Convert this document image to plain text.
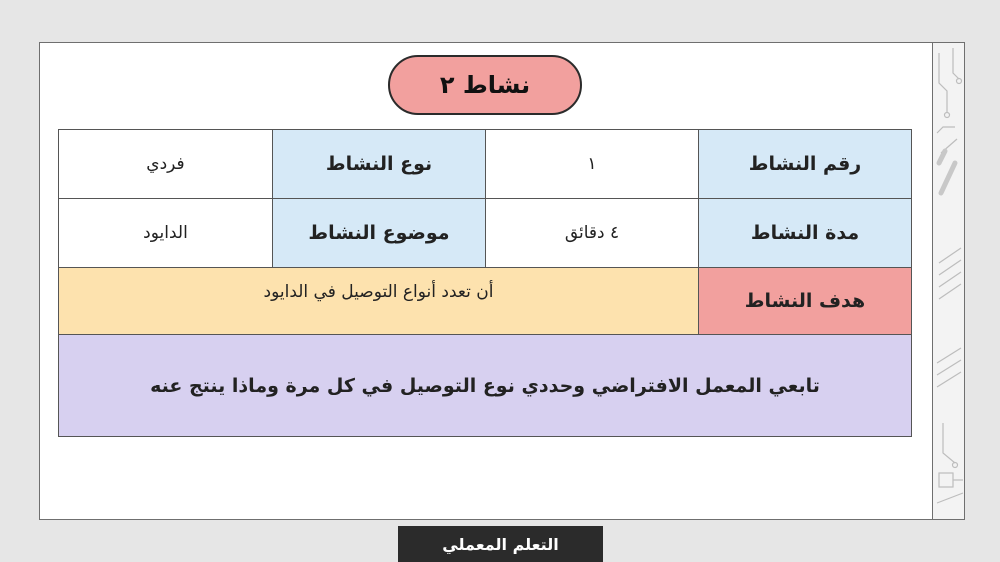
نشاط ٢
رقم النشاط	١	نوع النشاط	فردي
مدة النشاط	٤ دقائق	موضوع النشاط	الدايود
هدف النشاط	أن تعدد أنواع التوصيل في الدايود		
تابعي المعمل الافتراضي وحددي نوع التوصيل في كل مرة وماذا ينتج عنه			
التعلم المعملي
